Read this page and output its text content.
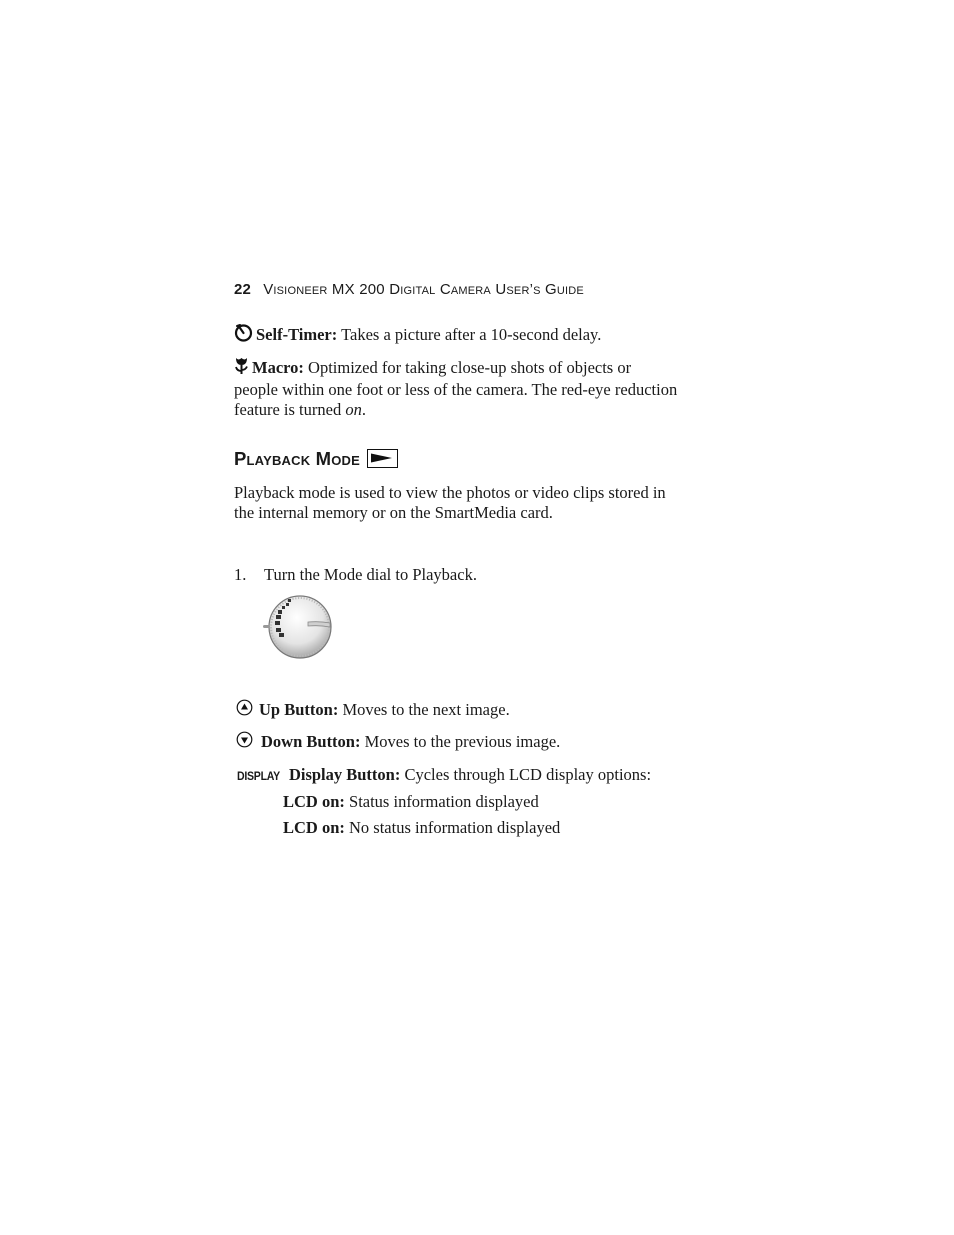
22 Visioneer MX 200 Digital Camera User’s Guide
Self-Timer: Takes a picture after a 10-second delay.
Macro: Optimized for taking close-up shots of objects or people within one foot or less of the camera. The red-eye reduction feature is turned on.
Playback Mode
Playback mode is used to view the photos or video clips stored in the internal memory or on the SmartMedia card.
1. Turn the Mode dial to Playback.
Up Button: Moves to the next image.
Down Button: Moves to the previous image.
DISPLAY Display Button: Cycles through LCD display options:
LCD on: Status information displayed
LCD on: No status information displayed
